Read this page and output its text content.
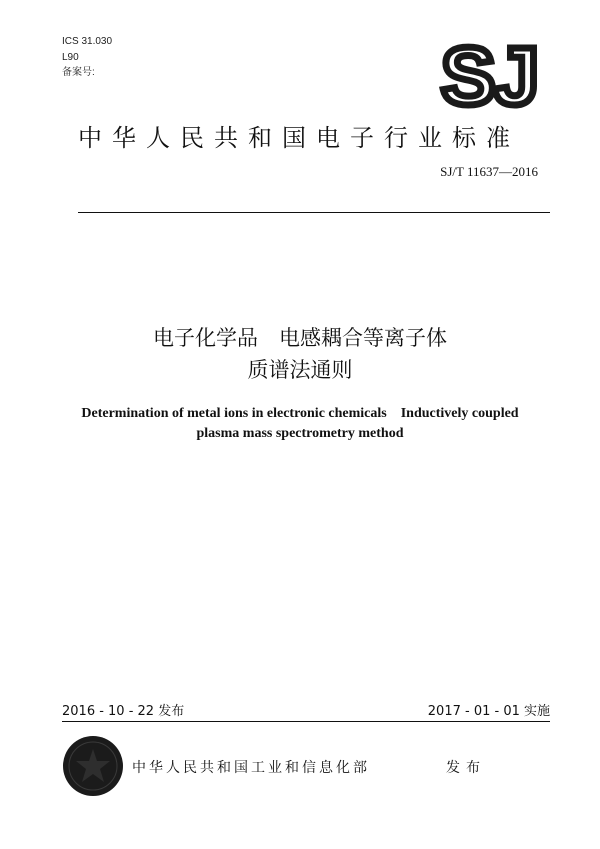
ICS 31.030
L90
备案号:	SJ
中华人民共和国电子行业标准
SJ/T 11637—2016
电子化学品　电感耦合等离子体
质谱法通则
Determination of metal ions in electronic chemicals    Inductively coupled
plasma mass spectrometry method
2016 - 10 - 22 发布	2017 - 01 - 01 实施
中华人民共和国工业和信息化部	发布
